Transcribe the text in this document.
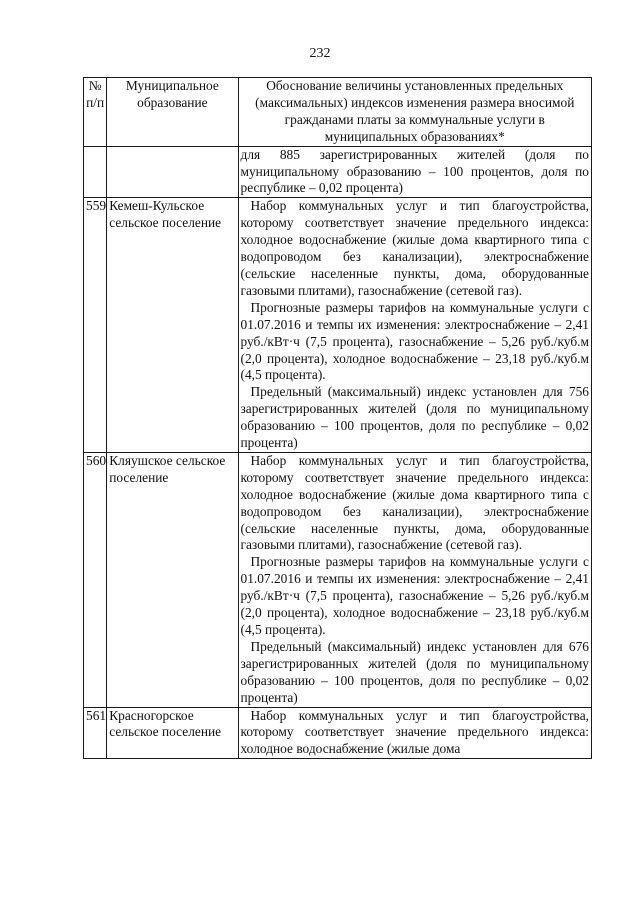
232
№ п/п	Муниципальное образование	Обоснование величины установленных предельных (максимальных) индексов изменения размера вносимой гражданами платы за коммунальные услуги в муниципальных образованиях*

		для 885 зарегистрированных жителей (доля по муниципальному образованию – 100 процентов, доля по республике – 0,02 процента)

559	Кемеш-Кульское сельское поселение	Набор коммунальных услуг и тип благоустройства, которому соответствует значение предельного индекса: холодное водоснабжение (жилые дома квартирного типа с водопроводом без канализации), электроснабжение (сельские населенные пункты, дома, оборудованные газовыми плитами), газоснабжение (сетевой газ).

Прогнозные размеры тарифов на коммунальные услуги с 01.07.2016 и темпы их изменения: электроснабжение – 2,41 руб./кВт·ч (7,5 процента), газоснабжение – 5,26 руб./куб.м (2,0 процента), холодное водоснабжение – 23,18 руб./куб.м (4,5 процента).

Предельный (максимальный) индекс установлен для 756 зарегистрированных жителей (доля по муниципальному образованию – 100 процентов, доля по республике – 0,02 процента)

560	Кляушское сельское поселение	Набор коммунальных услуг и тип благоустройства, которому соответствует значение предельного индекса: холодное водоснабжение (жилые дома квартирного типа с водопроводом без канализации), электроснабжение (сельские населенные пункты, дома, оборудованные газовыми плитами), газоснабжение (сетевой газ).

Прогнозные размеры тарифов на коммунальные услуги с 01.07.2016 и темпы их изменения: электроснабжение – 2,41 руб./кВт·ч (7,5 процента), газоснабжение – 5,26 руб./куб.м (2,0 процента), холодное водоснабжение – 23,18 руб./куб.м (4,5 процента).

Предельный (максимальный) индекс установлен для 676 зарегистрированных жителей (доля по муниципальному образованию – 100 процентов, доля по республике – 0,02 процента)

561	Красногорское сельское поселение	Набор коммунальных услуг и тип благоустройства, которому соответствует значение предельного индекса: холодное водоснабжение (жилые дома
